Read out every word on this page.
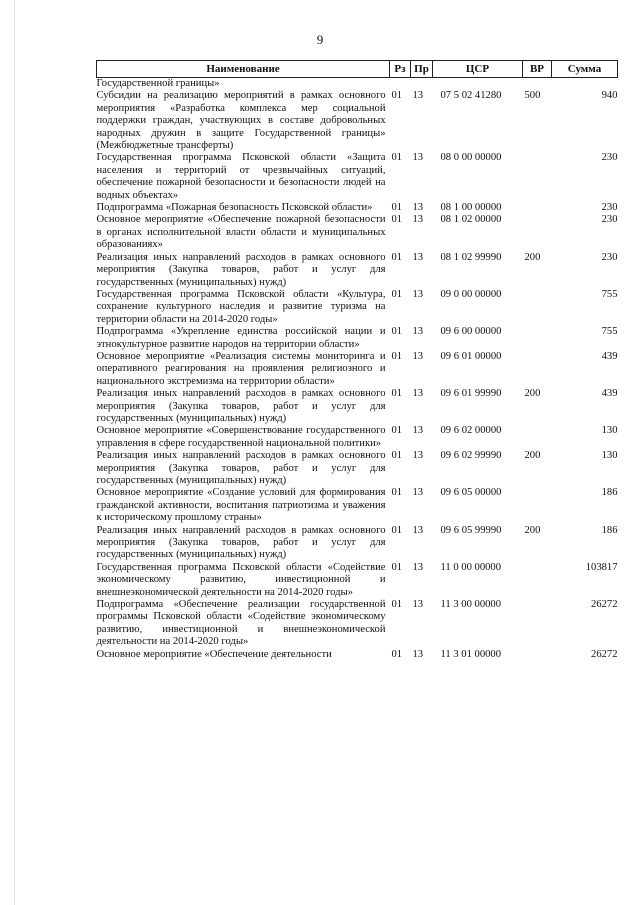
9
Наименование	Рз	Пр	ЦСР	ВР	Сумма
Государственной границы»					
Субсидии на реализацию мероприятий в рамках основного мероприятия «Разработка комплекса мер социальной поддержки граждан, участвующих в составе добровольных народных дружин в защите Государственной границы» (Межбюджетные трансферты)	01	13	07 5 02 41280	500	940
Государственная программа Псковской области «Защита населения и территорий от чрезвычайных ситуаций, обеспечение пожарной безопасности и безопасности людей на водных объектах»	01	13	08 0 00 00000		230
Подпрограмма «Пожарная безопасность Псковской области»	01	13	08 1 00 00000		230
Основное мероприятие «Обеспечение пожарной безопасности в органах исполнительной власти области и муниципальных образованиях»	01	13	08 1 02 00000		230
Реализация иных направлений расходов в рамках основного мероприятия (Закупка товаров, работ и услуг для государственных (муниципальных) нужд)	01	13	08 1 02 99990	200	230
Государственная программа Псковской области «Культура, сохранение культурного наследия и развитие туризма на территории области на 2014-2020 годы»	01	13	09 0 00 00000		755
Подпрограмма «Укрепление единства российской нации и этнокультурное развитие народов на территории области»	01	13	09 6 00 00000		755
Основное мероприятие «Реализация системы мониторинга и оперативного реагирования на проявления религиозного и национального экстремизма на территории области»	01	13	09 6 01 00000		439
Реализация иных направлений расходов в рамках основного мероприятия (Закупка товаров, работ и услуг для государственных (муниципальных) нужд)	01	13	09 6 01 99990	200	439
Основное мероприятие «Совершенствование государственного управления в сфере государственной национальной политики»	01	13	09 6 02 00000		130
Реализация иных направлений расходов в рамках основного мероприятия (Закупка товаров, работ и услуг для государственных (муниципальных) нужд)	01	13	09 6 02 99990	200	130
Основное мероприятие «Создание условий для формирования гражданской активности, воспитания патриотизма и уважения к историческому прошлому страны»	01	13	09 6 05 00000		186
Реализация иных направлений расходов в рамках основного мероприятия (Закупка товаров, работ и услуг для государственных (муниципальных) нужд)	01	13	09 6 05 99990	200	186
Государственная программа Псковской области «Содействие экономическому развитию, инвестиционной и внешнеэкономической деятельности на 2014-2020 годы»	01	13	11 0 00 00000		103817
Подпрограмма «Обеспечение реализации государственной программы Псковской области «Содействие экономическому развитию, инвестиционной и внешнеэкономической деятельности на 2014-2020 годы»	01	13	11 3 00 00000		26272
Основное мероприятие «Обеспечение деятельности	01	13	11 3 01 00000		26272
